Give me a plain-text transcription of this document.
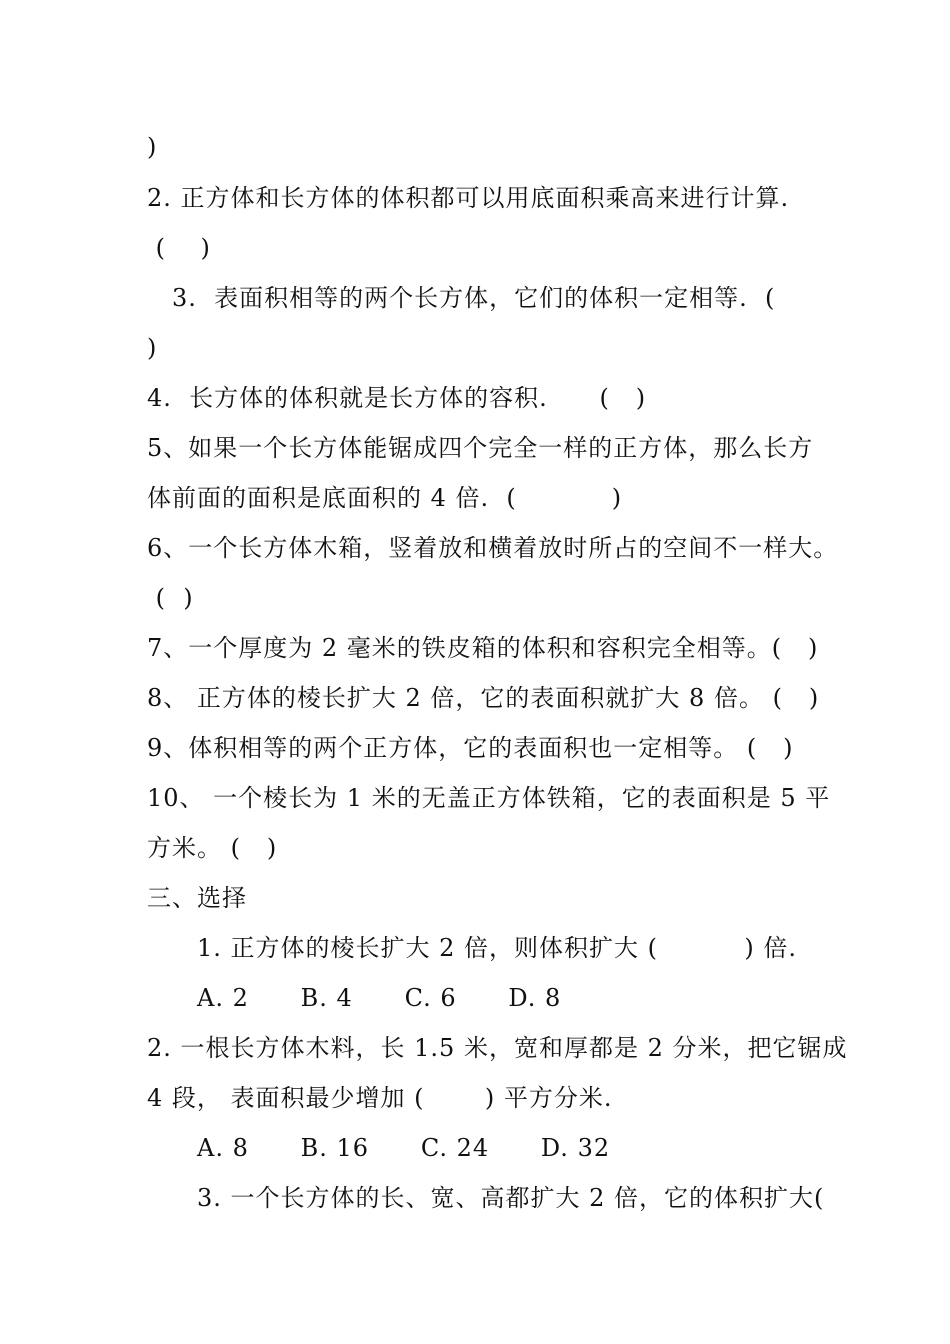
)
2. 正方体和长方体的体积都可以用底面积乘高来进行计算.
(    )
3.  表面积相等的两个长方体，它们的体积一定相等.  (
)
4.  长方体的体积就是长方体的容积.      (   )
5、如果一个长方体能锯成四个完全一样的正方体，那么长方
体前面的面积是底面积的 4 倍.  (           )
6、一个长方体木箱，竖着放和横着放时所占的空间不一样大。
(  )
7、一个厚度为 2 毫米的铁皮箱的体积和容积完全相等。(   )
8、 正方体的棱长扩大 2 倍，它的表面积就扩大 8 倍。 (   )
9、体积相等的两个正方体，它的表面积也一定相等。 (   )
10、 一个棱长为 1 米的无盖正方体铁箱，它的表面积是 5 平
方米。 (   )
三、选择
1. 正方体的棱长扩大 2 倍，则体积扩大 (          ) 倍.
A. 2      B. 4      C. 6      D. 8
2. 一根长方体木料，长 1.5 米，宽和厚都是 2 分米，把它锯成
4 段， 表面积最少增加 (       ) 平方分米.
A. 8      B. 16      C. 24      D. 32
3. 一个长方体的长、宽、高都扩大 2 倍，它的体积扩大(
